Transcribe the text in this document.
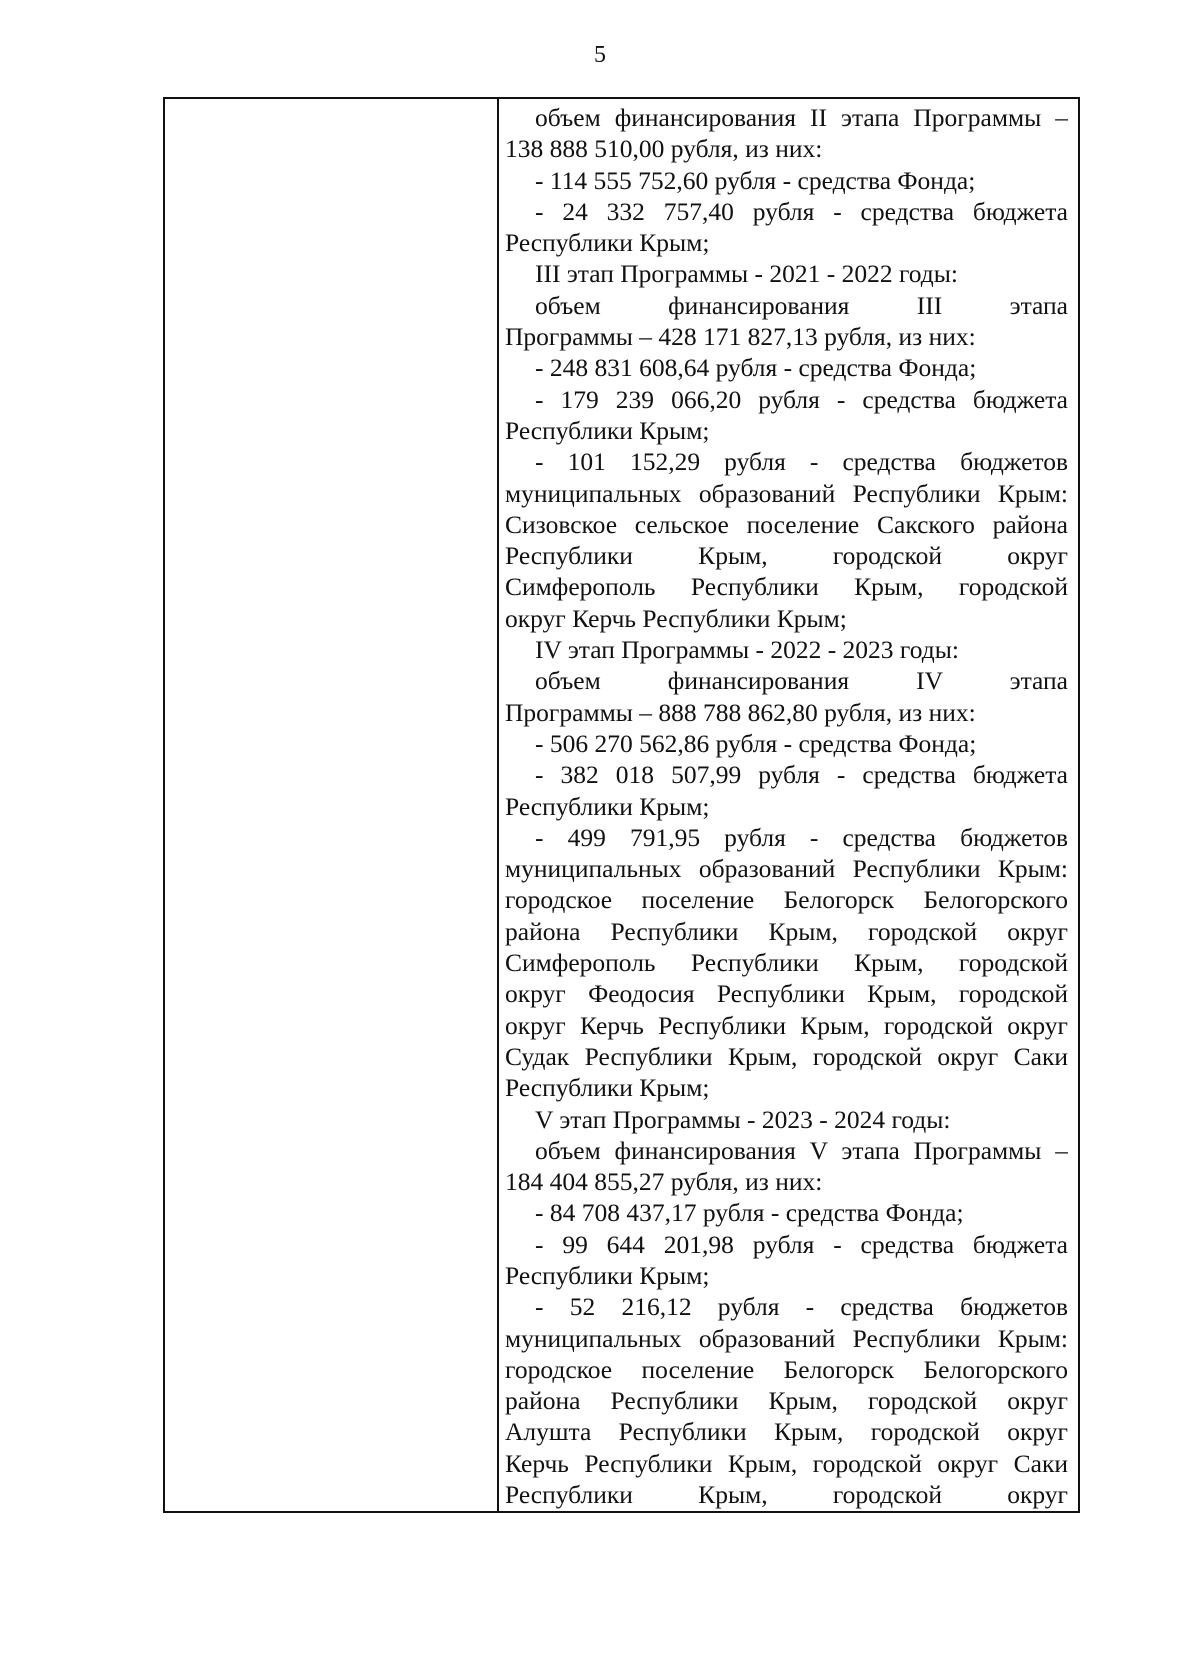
5
объем финансирования II этапа Программы –
138 888 510,00 рубля, из них:
- 114 555 752,60 рубля - средства Фонда;
- 24 332 757,40 рубля - средства бюджета
Республики Крым;
III этап Программы - 2021 - 2022 годы:
объем финансирования III этапа
Программы – 428 171 827,13 рубля, из них:
- 248 831 608,64 рубля - средства Фонда;
- 179 239 066,20 рубля - средства бюджета
Республики Крым;
- 101 152,29 рубля - средства бюджетов
муниципальных образований Республики Крым:
Сизовское сельское поселение Сакского района
Республики Крым, городской округ
Симферополь Республики Крым, городской
округ Керчь Республики Крым;
IV этап Программы - 2022 - 2023 годы:
объем финансирования IV этапа
Программы – 888 788 862,80 рубля, из них:
- 506 270 562,86 рубля - средства Фонда;
- 382 018 507,99 рубля - средства бюджета
Республики Крым;
- 499 791,95 рубля - средства бюджетов
муниципальных образований Республики Крым:
городское поселение Белогорск Белогорского
района Республики Крым, городской округ
Симферополь Республики Крым, городской
округ Феодосия Республики Крым, городской
округ Керчь Республики Крым, городской округ
Судак Республики Крым, городской округ Саки
Республики Крым;
V этап Программы - 2023 - 2024 годы:
объем финансирования V этапа Программы –
184 404 855,27 рубля, из них:
- 84 708 437,17 рубля - средства Фонда;
- 99 644 201,98 рубля - средства бюджета
Республики Крым;
- 52 216,12 рубля - средства бюджетов
муниципальных образований Республики Крым:
городское поселение Белогорск Белогорского
района Республики Крым, городской округ
Алушта Республики Крым, городской округ
Керчь Республики Крым, городской округ Саки
Республики Крым, городской округ
